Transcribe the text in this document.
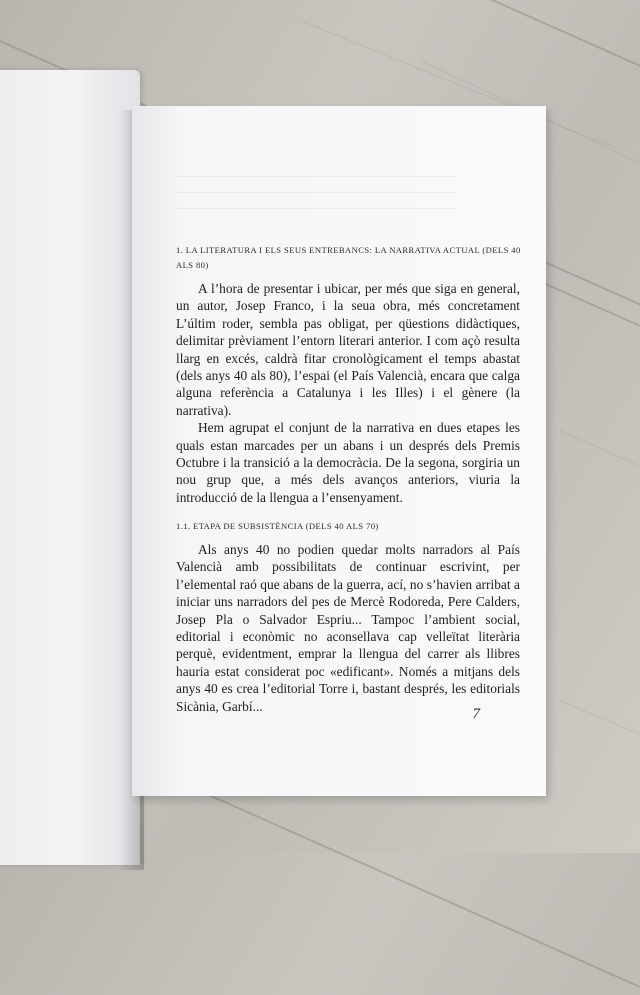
1. LA LITERATURA I ELS SEUS ENTREBANCS: LA NARRATIVA ACTUAL (DELS 40 ALS 80)

A l’hora de presentar i ubicar, per més que siga en general, un autor, Josep Franco, i la seua obra, més concretament L’últim roder, sembla pas obligat, per qüestions didàctiques, delimitar prèviament l’entorn literari anterior. I com açò resulta llarg en excés, caldrà fitar cronològicament el temps abastat (dels anys 40 als 80), l’espai (el País Valencià, encara que calga alguna referència a Catalunya i les Illes) i el gènere (la narrativa).

Hem agrupat el conjunt de la narrativa en dues etapes les quals estan marcades per un abans i un després dels Premis Octubre i la transició a la democràcia. De la segona, sorgiria un nou grup que, a més dels avanços anteriors, viuria la introducció de la llengua a l’ensenyament.

1.1. ETAPA DE SUBSISTÈNCIA (DELS 40 ALS 70)

Als anys 40 no podien quedar molts narradors al País Valencià amb possibilitats de continuar escrivint, per l’elemental raó que abans de la guerra, ací, no s’havien arribat a iniciar uns narradors del pes de Mercè Rodoreda, Pere Calders, Josep Pla o Salvador Espriu... Tampoc l’ambient social, editorial i econòmic no aconsellava cap velleïtat literària perquè, evidentment, emprar la llengua del carrer als llibres hauria estat considerat poc «edificant». Només a mitjans dels anys 40 es crea l’editorial Torre i, bastant després, les editorials Sicània, Garbí...	7
